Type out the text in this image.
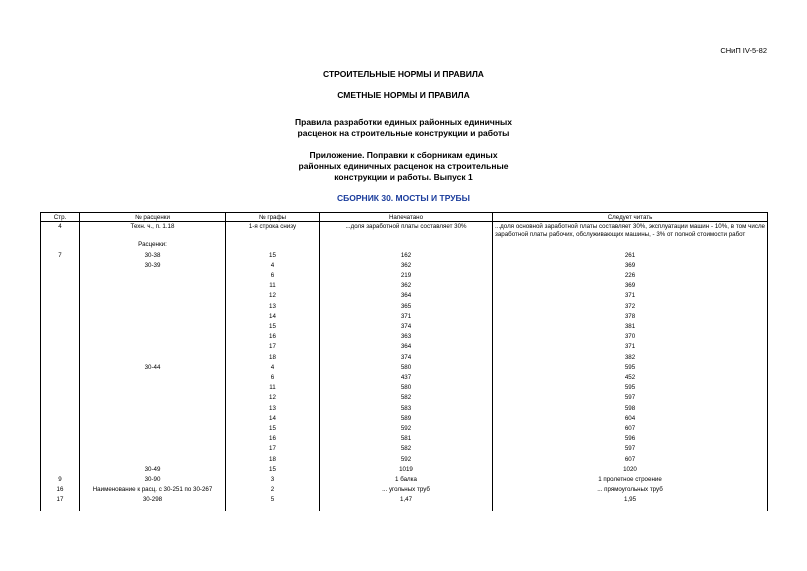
СНиП IV-5-82
СТРОИТЕЛЬНЫЕ НОРМЫ И ПРАВИЛА
СМЕТНЫЕ НОРМЫ И ПРАВИЛА
Правила разработки единых районных единичных
расценок на строительные конструкции и работы
Приложение. Поправки к сборникам единых
районных единичных расценок на строительные
конструкции и работы. Выпуск 1
СБОРНИК 30. МОСТЫ И ТРУБЫ
Стр.	№ расценки	№ графы	Напечатано	Следует читать
4	Техн. ч., п. 1.18	1-я строка снизу	...доля заработной платы составляет 30%	...доля основной заработной платы составляет 30%, эксплуатации машин - 10%, в том числе заработной платы рабочих, обслуживающих машины, - 3% от полной стоимости работ
	Расценки:			
7	30-38	15	162	261
	30-39	4	362	369
		6	219	226
		11	362	369
		12	364	371
		13	365	372
		14	371	378
		15	374	381
		16	363	370
		17	364	371
		18	374	382
	30-44	4	580	595
		6	437	452
		11	580	595
		12	582	597
		13	583	598
		14	589	604
		15	592	607
		16	581	596
		17	582	597
		18	592	607
	30-49	15	1019	1020
9	30-90	3	1 балка	1 пролетное строение
16	Наименование к расц. с 30-251 по 30-267	2	... угольных труб	... прямоугольных труб
17	30-298	5	1,47	1,95
